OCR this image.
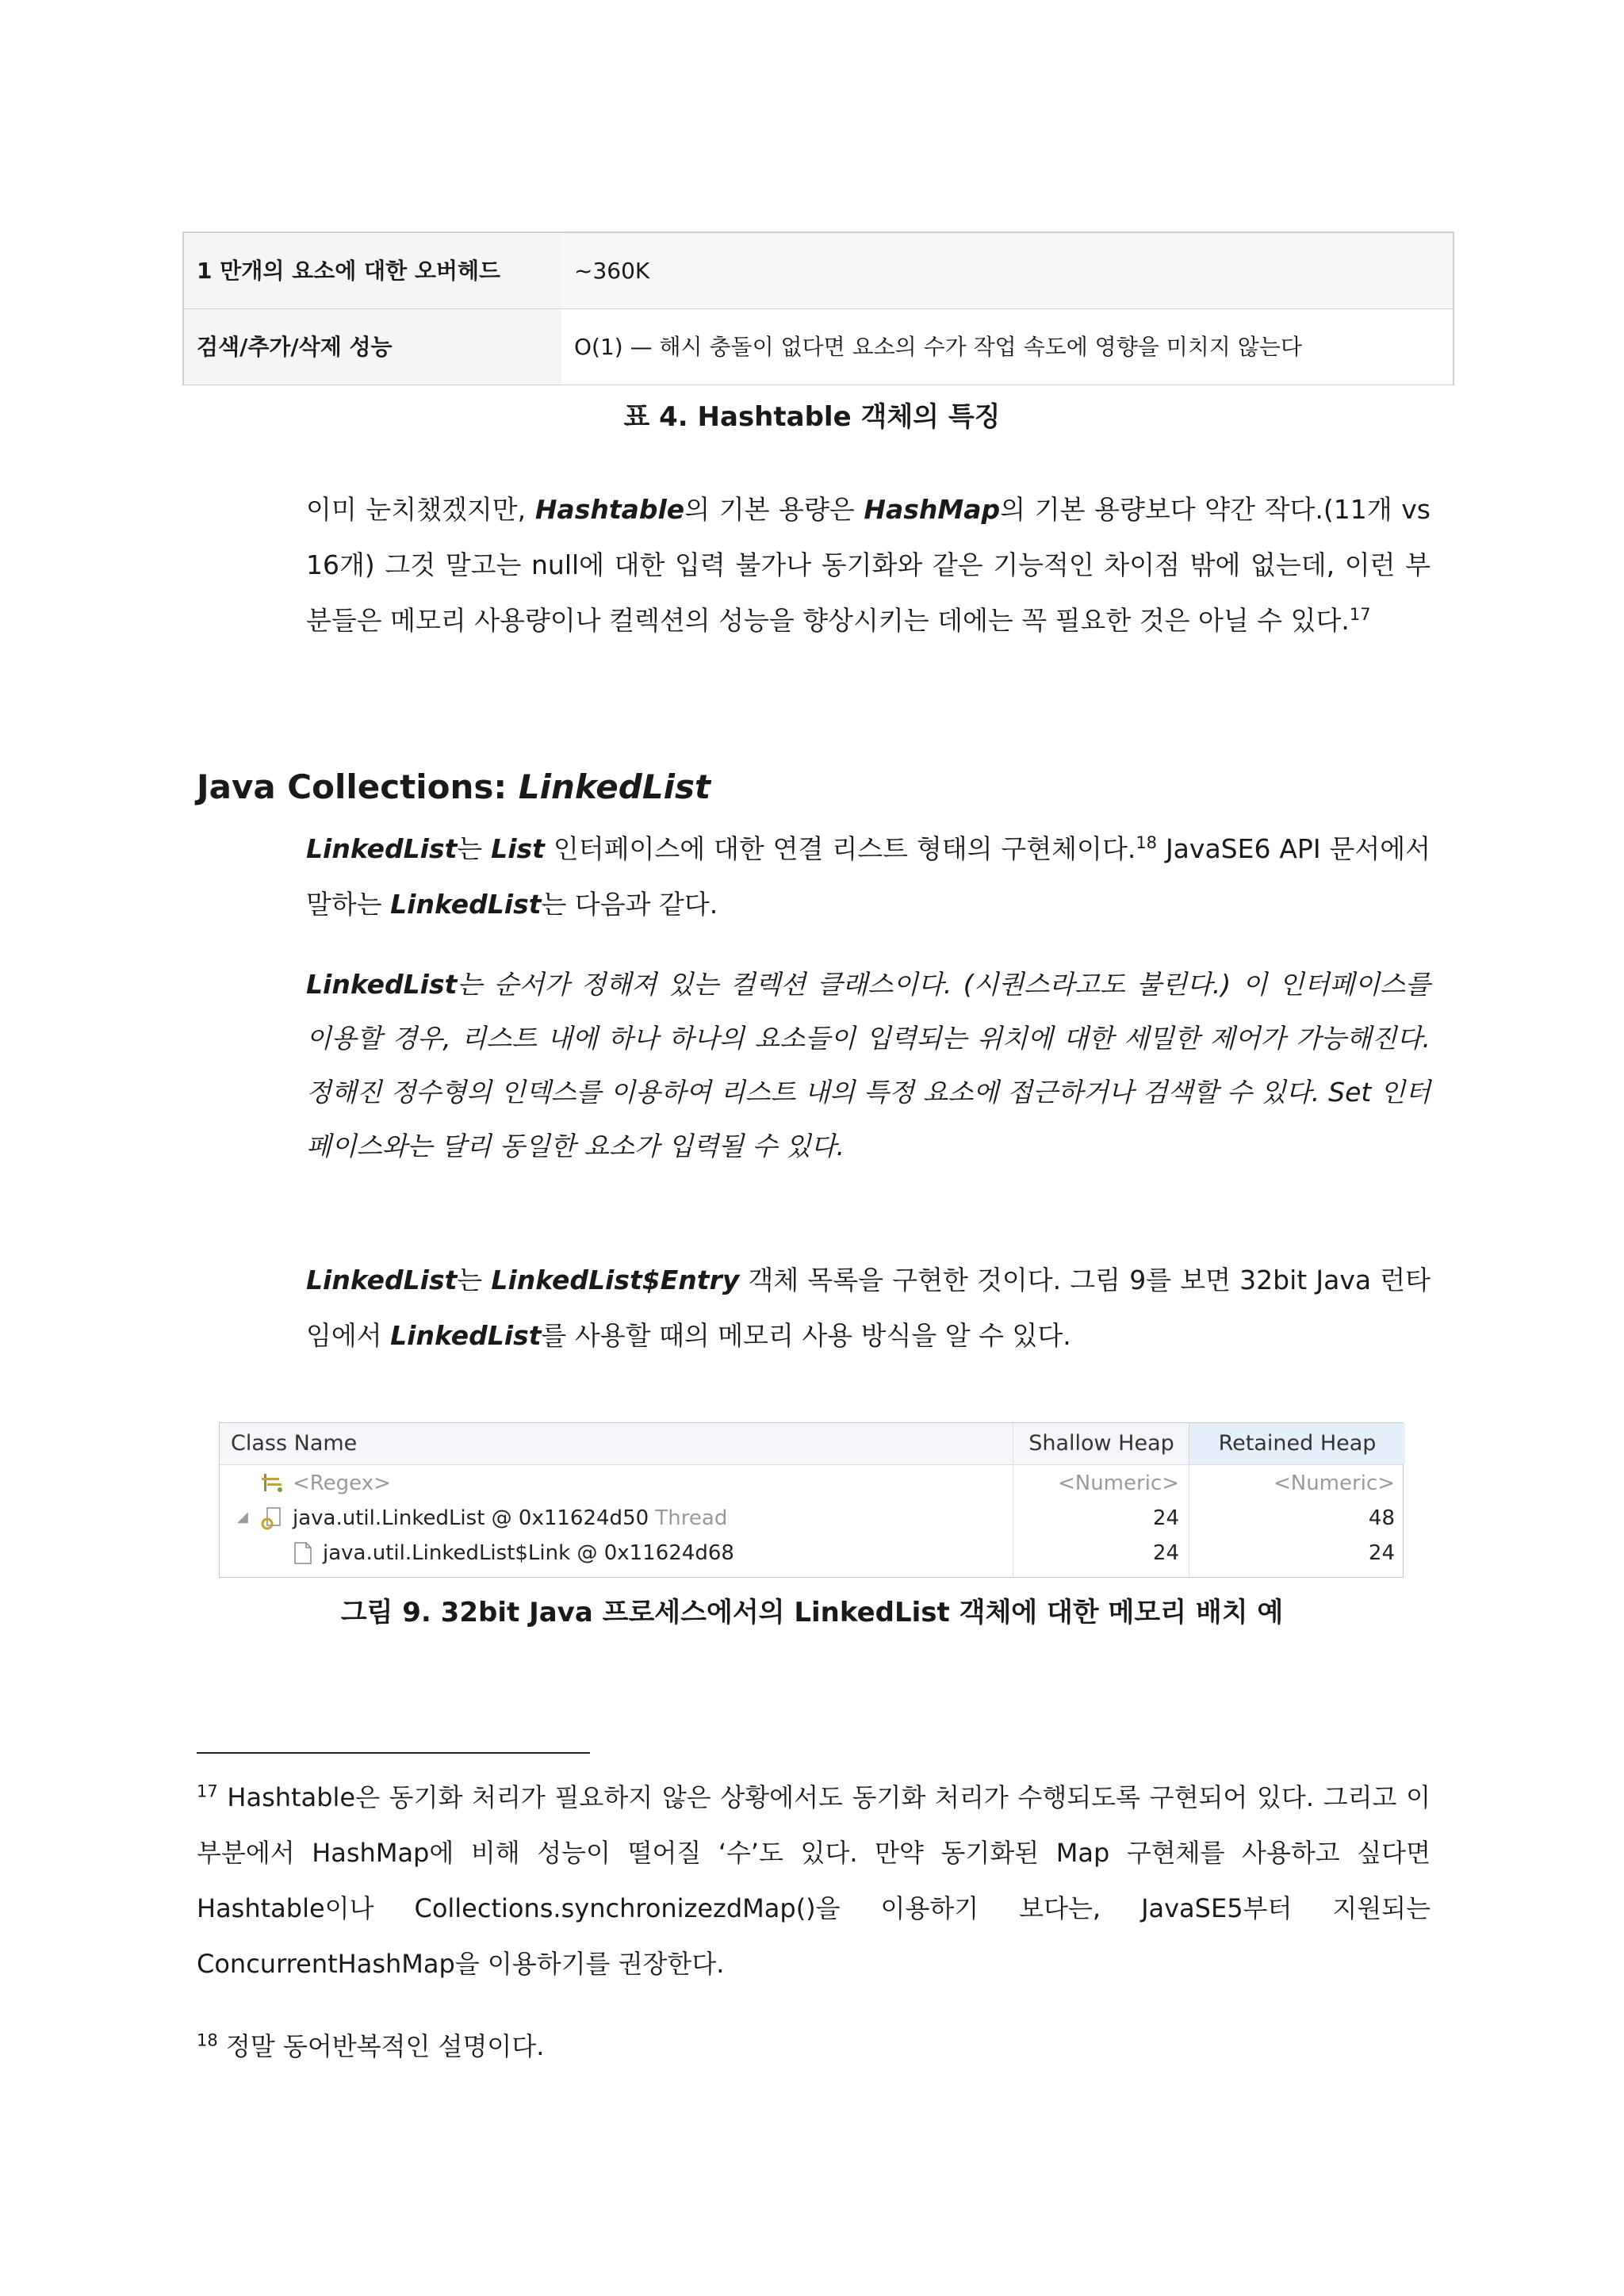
1 만개의 요소에 대한 오버헤드	~360K
검색/추가/삭제 성능	O(1) — 해시 충돌이 없다면 요소의 수가 작업 속도에 영향을 미치지 않는다
표 4. Hashtable 객체의 특징
이미 눈치챘겠지만, Hashtable의 기본 용량은 HashMap의 기본 용량보다 약간 작다.(11개 vs 16개) 그것 말고는 null에 대한 입력 불가나 동기화와 같은 기능적인 차이점 밖에 없는데, 이런 부분들은 메모리 사용량이나 컬렉션의 성능을 향상시키는 데에는 꼭 필요한 것은 아닐 수 있다.$^{17}$
Java Collections: LinkedList
LinkedList는 List 인터페이스에 대한 연결 리스트 형태의 구현체이다.$^{18}$ JavaSE6 API 문서에서 말하는 LinkedList는 다음과 같다.
LinkedList는 순서가 정해져 있는 컬렉션 클래스이다. (시퀀스라고도 불린다.) 이 인터페이스를 이용할 경우, 리스트 내에 하나 하나의 요소들이 입력되는 위치에 대한 세밀한 제어가 가능해진다. 정해진 정수형의 인덱스를 이용하여 리스트 내의 특정 요소에 접근하거나 검색할 수 있다. Set 인터페이스와는 달리 동일한 요소가 입력될 수 있다.
LinkedList는 LinkedList$Entry 객체 목록을 구현한 것이다. 그림 9를 보면 32bit Java 런타임에서 LinkedList를 사용할 때의 메모리 사용 방식을 알 수 있다.
Class Name	Shallow Heap	Retained Heap
<Regex>	<Numeric>	<Numeric>
◢ java.util.LinkedList @ 0x11624d50 Thread	24	48
java.util.LinkedList$Link @ 0x11624d68	24	24
그림 9. 32bit Java 프로세스에서의 LinkedList 객체에 대한 메모리 배치 예
$^{17}$ Hashtable은 동기화 처리가 필요하지 않은 상황에서도 동기화 처리가 수행되도록 구현되어 있다. 그리고 이 부분에서 HashMap에 비해 성능이 떨어질 ‘수’도 있다. 만약 동기화된 Map 구현체를 사용하고 싶다면 Hashtable이나 Collections.synchronizezdMap()을 이용하기 보다는, JavaSE5부터 지원되는 ConcurrentHashMap을 이용하기를 권장한다.
$^{18}$ 정말 동어반복적인 설명이다.
